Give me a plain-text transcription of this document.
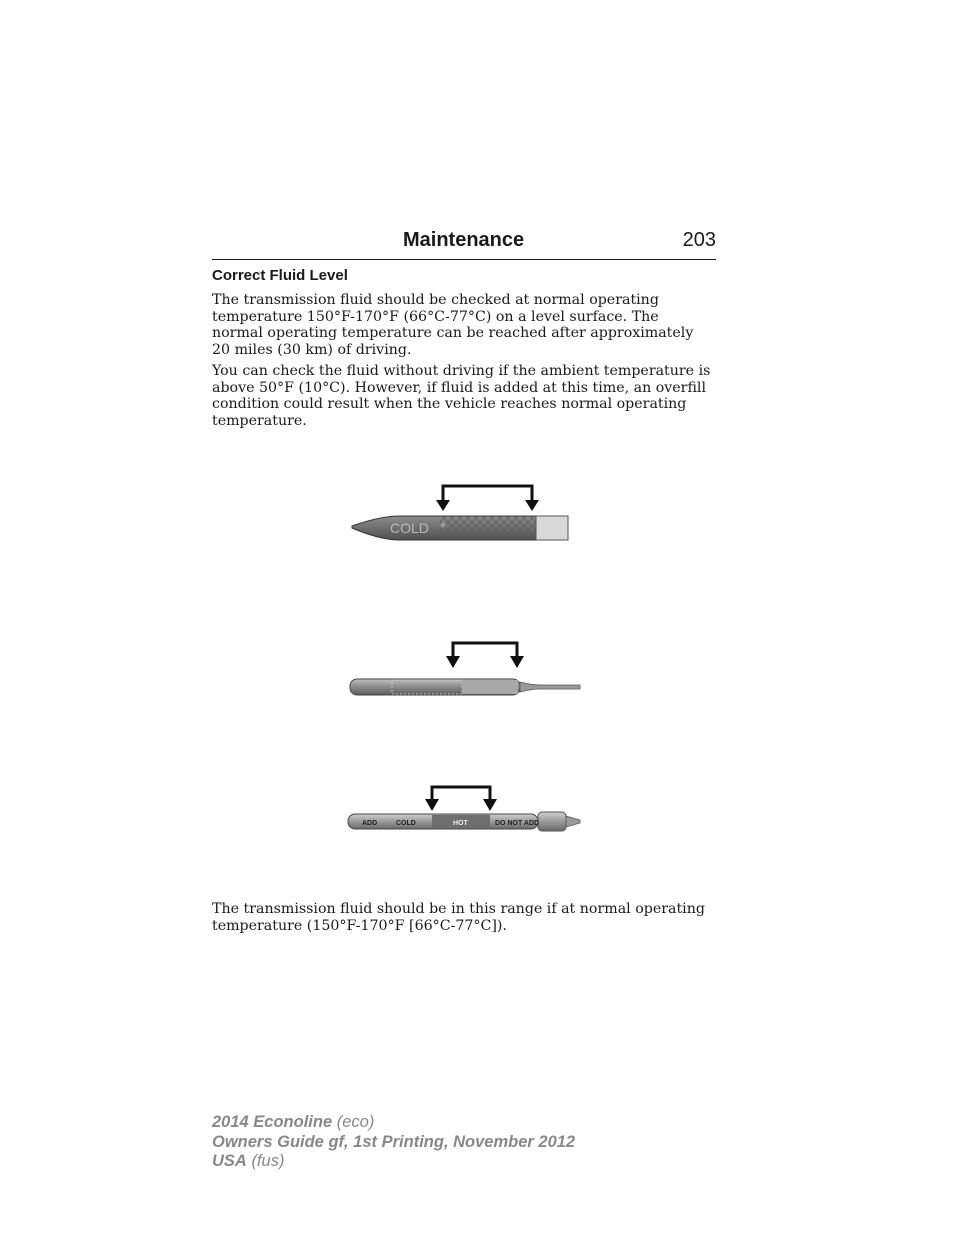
Maintenance	203
Correct Fluid Level

The transmission fluid should be checked at normal operating temperature 150°F-170°F (66°C-77°C) on a level surface. The normal operating temperature can be reached after approximately 20 miles (30 km) of driving.

You can check the fluid without driving if the ambient temperature is above 50°F (10°C). However, if fluid is added at this time, an overfill condition could result when the vehicle reaches normal operating temperature.

COLD
ADD	COLD	HOT	DO NOT ADD

The transmission fluid should be in this range if at normal operating temperature (150°F-170°F [66°C-77°C]).

2014 Econoline (eco)
Owners Guide gf, 1st Printing, November 2012
USA (fus)
